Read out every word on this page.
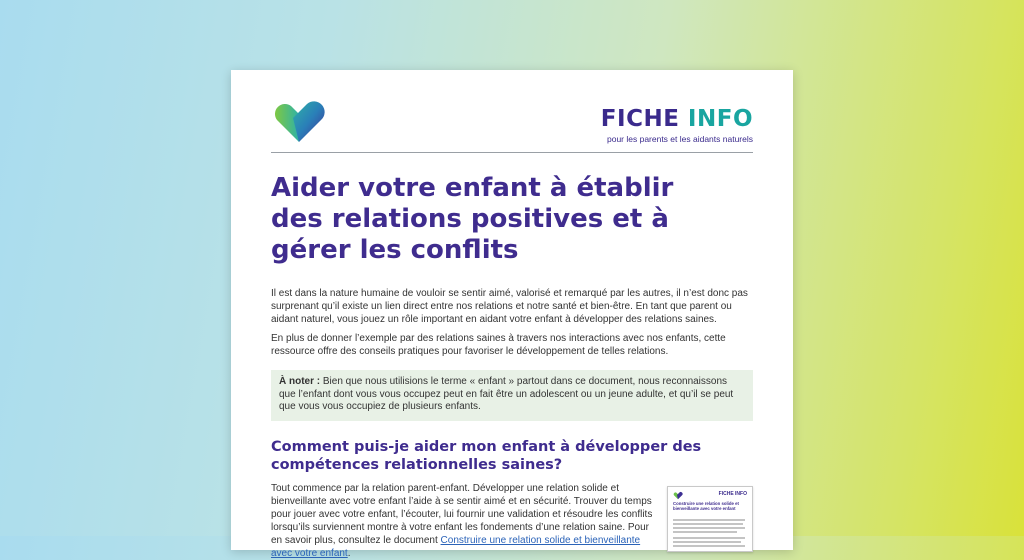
FICHE INFO
pour les parents et les aidants naturels
Aider votre enfant à établir des relations positives et à gérer les conflits

Il est dans la nature humaine de vouloir se sentir aimé, valorisé et remarqué par les autres, il n’est donc pas surprenant qu’il existe un lien direct entre nos relations et notre santé et bien-être. En tant que parent ou aidant naturel, vous jouez un rôle important en aidant votre enfant à développer des relations saines.

En plus de donner l’exemple par des relations saines à travers nos interactions avec nos enfants, cette ressource offre des conseils pratiques pour favoriser le développement de telles relations.

À noter : Bien que nous utilisions le terme « enfant » partout dans ce document, nous reconnaissons que l’enfant dont vous vous occupez peut en fait être un adolescent ou un jeune adulte, et qu’il se peut que vous vous occupiez de plusieurs enfants.
Comment puis-je aider mon enfant à développer des compétences relationnelles saines?

Tout commence par la relation parent-enfant. Développer une relation solide et bienveillante avec votre enfant l’aide à se sentir aimé et en sécurité. Trouver du temps pour jouer avec votre enfant, l’écouter, lui fournir une validation et résoudre les conflits lorsqu’ils surviennent montre à votre enfant les fondements d’une relation saine. Pour en savoir plus, consultez le document Construire une relation solide et bienveillante avec votre enfant.

FICHE INFO
Construire une relation solide et bienveillante avec votre enfant
